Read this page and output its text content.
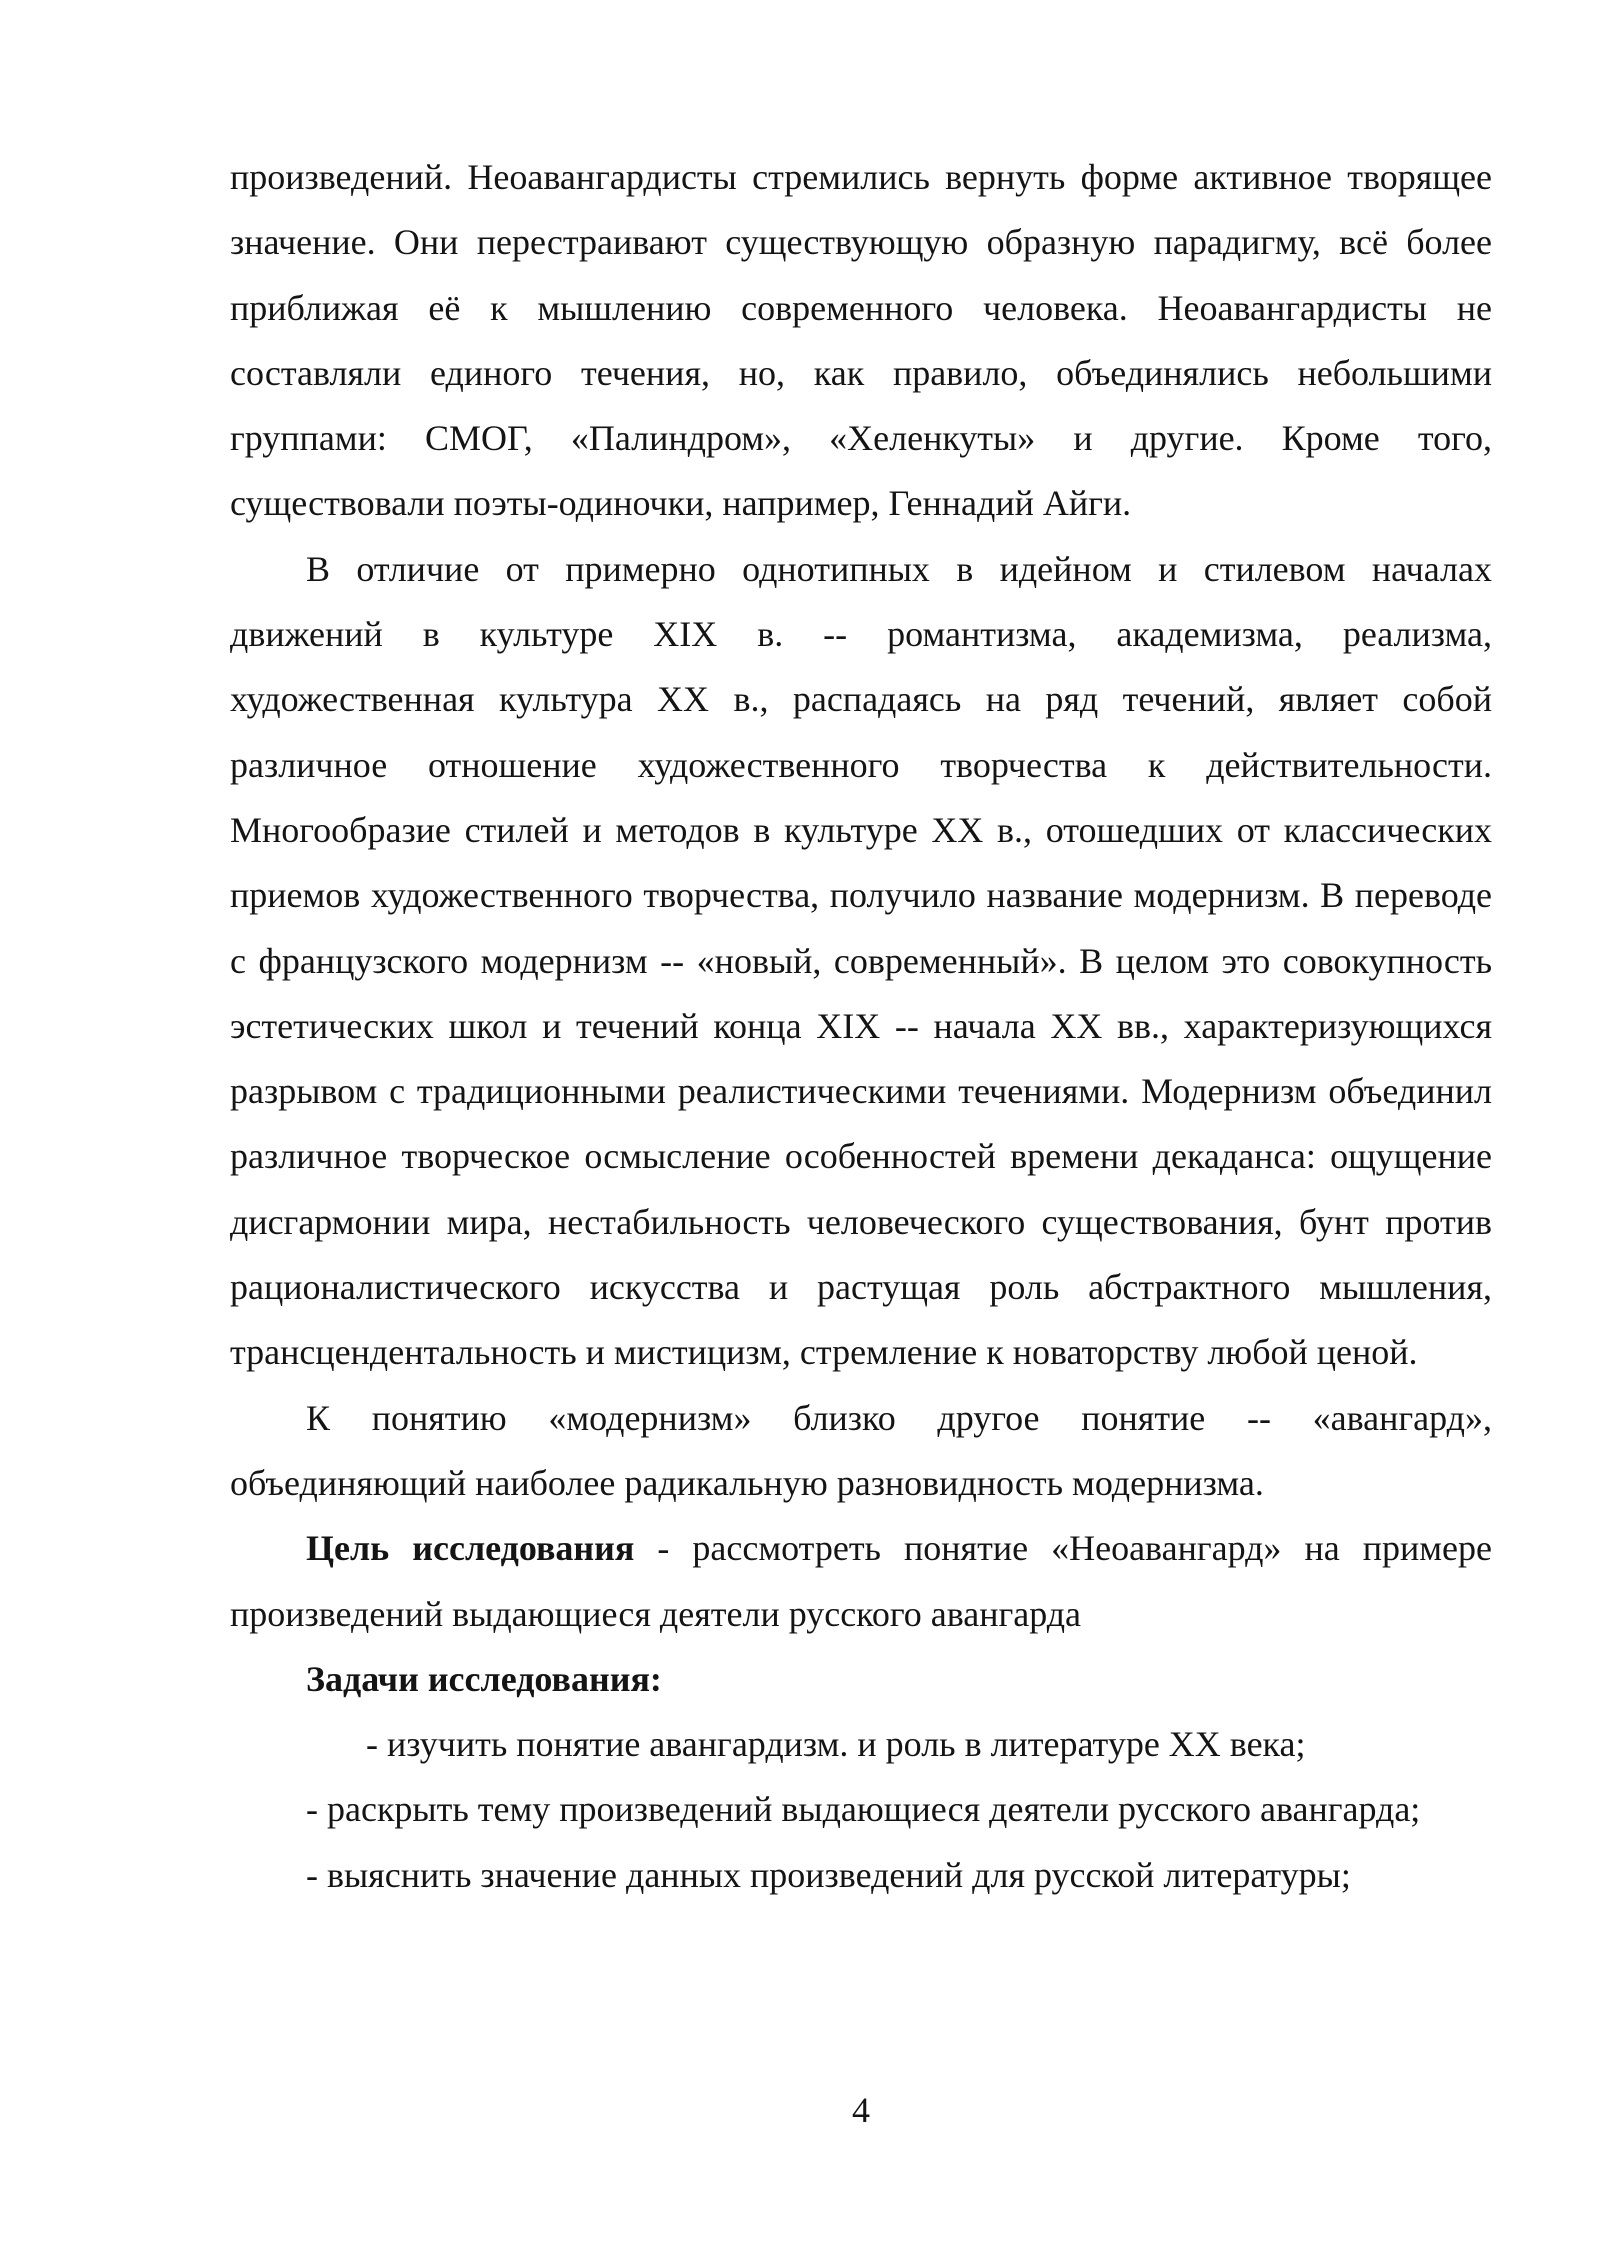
произведений. Неоавангардисты стремились вернуть форме активное творящее значение. Они перестраивают существующую образную парадигму, всё более приближая её к мышлению современного человека. Неоавангардисты не составляли единого течения, но, как правило, объединялись небольшими группами: СМОГ, «Палиндром», «Хеленкуты» и другие. Кроме того, существовали поэты-одиночки, например, Геннадий Айги.

В отличие от примерно однотипных в идейном и стилевом началах движений в культуре XIX в. -- романтизма, академизма, реализма, художественная культура XX в., распадаясь на ряд течений, являет собой различное отношение художественного творчества к действительности. Многообразие стилей и методов в культуре XX в., отошедших от классических приемов художественного творчества, получило название модернизм. В переводе с французского модернизм -- «новый, современный». В целом это совокупность эстетических школ и течений конца XIX -- начала XX вв., характеризующихся разрывом с традиционными реалистическими течениями. Модернизм объединил различное творческое осмысление особенностей времени декаданса: ощущение дисгармонии мира, нестабильность человеческого существования, бунт против рационалистического искусства и растущая роль абстрактного мышления, трансцендентальность и мистицизм, стремление к новаторству любой ценой.

К понятию «модернизм» близко другое понятие -- «авангард», объединяющий наиболее радикальную разновидность модернизма.

Цель исследования - рассмотреть понятие «Неоавангард» на примере произведений выдающиеся деятели русского авангарда

Задачи исследования:

- изучить понятие авангардизм. и роль в литературе XX века;

- раскрыть тему произведений выдающиеся деятели русского авангарда;

- выяснить значение данных произведений для русской литературы;

4
